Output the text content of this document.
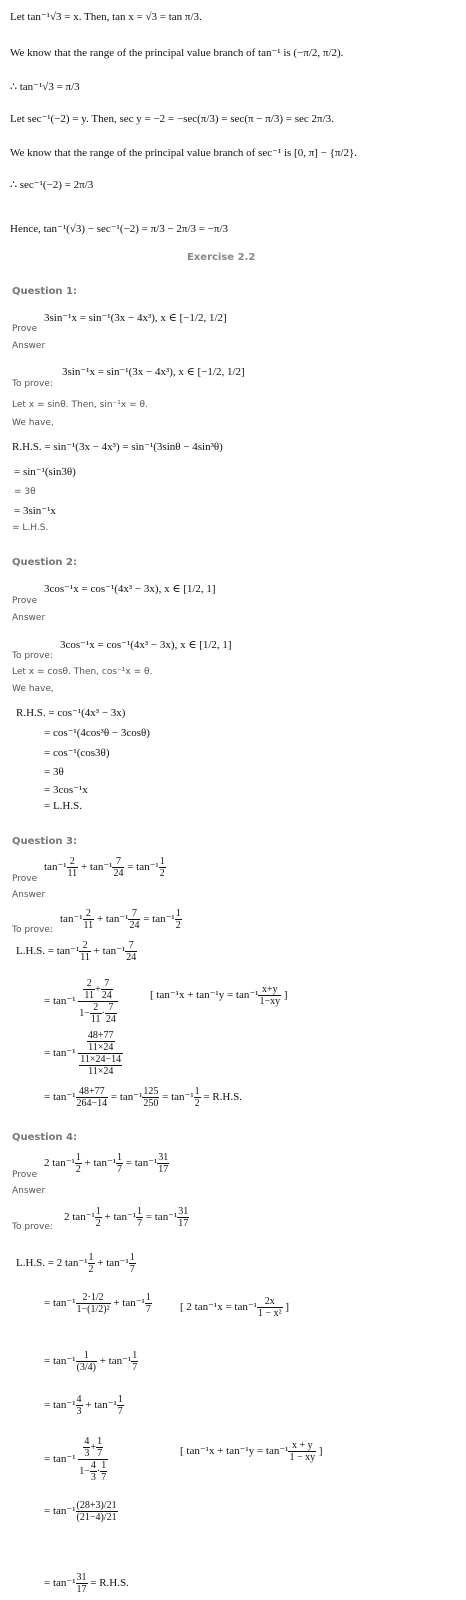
Let tan⁻¹√3 = x. Then, tan x = √3 = tan π/3.
We know that the range of the principal value branch of tan⁻¹ is (−π/2, π/2).
∴ tan⁻¹√3 = π/3
Let sec⁻¹(−2) = y. Then, sec y = −2 = −sec(π/3) = sec(π − π/3) = sec 2π/3.
We know that the range of the principal value branch of sec⁻¹ is [0, π] − {π/2}.
∴ sec⁻¹(−2) = 2π/3
Hence, tan⁻¹(√3) − sec⁻¹(−2) = π/3 − 2π/3 = −π/3
Exercise 2.2
Question 1:
3sin⁻¹x = sin⁻¹(3x − 4x³), x ∈ [−1/2, 1/2]
Prove
Answer
3sin⁻¹x = sin⁻¹(3x − 4x³), x ∈ [−1/2, 1/2]
To prove:
Let x = sinθ. Then, sin⁻¹x = θ.
We have,
R.H.S. = sin⁻¹(3x − 4x³) = sin⁻¹(3sinθ − 4sin³θ)
= sin⁻¹(sin3θ)
= 3θ
= 3sin⁻¹x
= L.H.S.
Question 2:
3cos⁻¹x = cos⁻¹(4x³ − 3x), x ∈ [1/2, 1]
Prove
Answer
3cos⁻¹x = cos⁻¹(4x³ − 3x), x ∈ [1/2, 1]
To prove:
Let x = cosθ. Then, cos⁻¹x = θ.
We have,
R.H.S. = cos⁻¹(4x³ − 3x)
= cos⁻¹(4cos³θ − 3cosθ)
= cos⁻¹(cos3θ)
= 3θ
= 3cos⁻¹x
= L.H.S.
Question 3:
$\tan^{-1} \frac{2}{11} + \tan^{-1} \frac{7}{24} = \tan^{-1} \frac{1}{2}$
Prove
Answer
$\tan^{-1} \frac{2}{11} + \tan^{-1} \frac{7}{24} = \tan^{-1} \frac{1}{2}$
To prove:
L.H.S. = $\tan^{-1} \frac{2}{11} + \tan^{-1} \frac{7}{24}$
= $\tan^{-1} \frac{\frac{2}{11} + \frac{7}{24}}{1- \frac{2}{11} \cdot \frac{7}{24}}$	[ $\tan^{-1}x + \tan^{-1}y = \tan^{-1} \frac{x+y}{1-xy}$ ]
= $\tan^{-1} \frac{\frac{48+77}{11\times 24}}{\frac{11\times 24-14}{11\times 24}}$
= $\tan^{-1} \frac{48+77}{264-14} = \tan^{-1} \frac{125}{250} = \tan^{-1} \frac{1}{2} = R.H.S$.
Question 4:
2 $\tan^{-1} \frac{1}{2} + \tan^{-1} \frac{1}{7} = \tan^{-1} \frac{31}{17}$
Prove
Answer
2 $\tan^{-1} \frac{1}{2} + \tan^{-1} \frac{1}{7} = \tan^{-1} \frac{31}{17}$
To prove:
L.H.S. = 2 $\tan^{-1} \frac{1}{2} + \tan^{-1} \frac{1}{7}$
= $\tan^{-1} \frac{2\cdot 1/2}{\text{1−(1/2)²}} + \tan^{-1} \frac{1}{7}$	[ 2 $\tan^{-1}x = \tan^{-1} \frac{2x}{\text{1 − x²}}$ ]
= $\tan^{-1} \frac{1}{(3/4)} + \tan^{-1} \frac{1}{7}$
= $\tan^{-1} \frac{4}{3} + \tan^{-1} \frac{1}{7}$
= $\tan^{-1} \frac{\frac{4}{3} + \frac{1}{7}}{1- \frac{4}{3} \cdot \frac{1}{7}}$	[ $\tan^{-1}x + \tan^{-1}y = \tan^{-1} \frac{x + y}{1 - xy}$ ]
= $\tan^{-1} \frac{(28+3)/21}{(21-4)/21}$
= $\tan^{-1} \frac{31}{17} = R.H.S$.
